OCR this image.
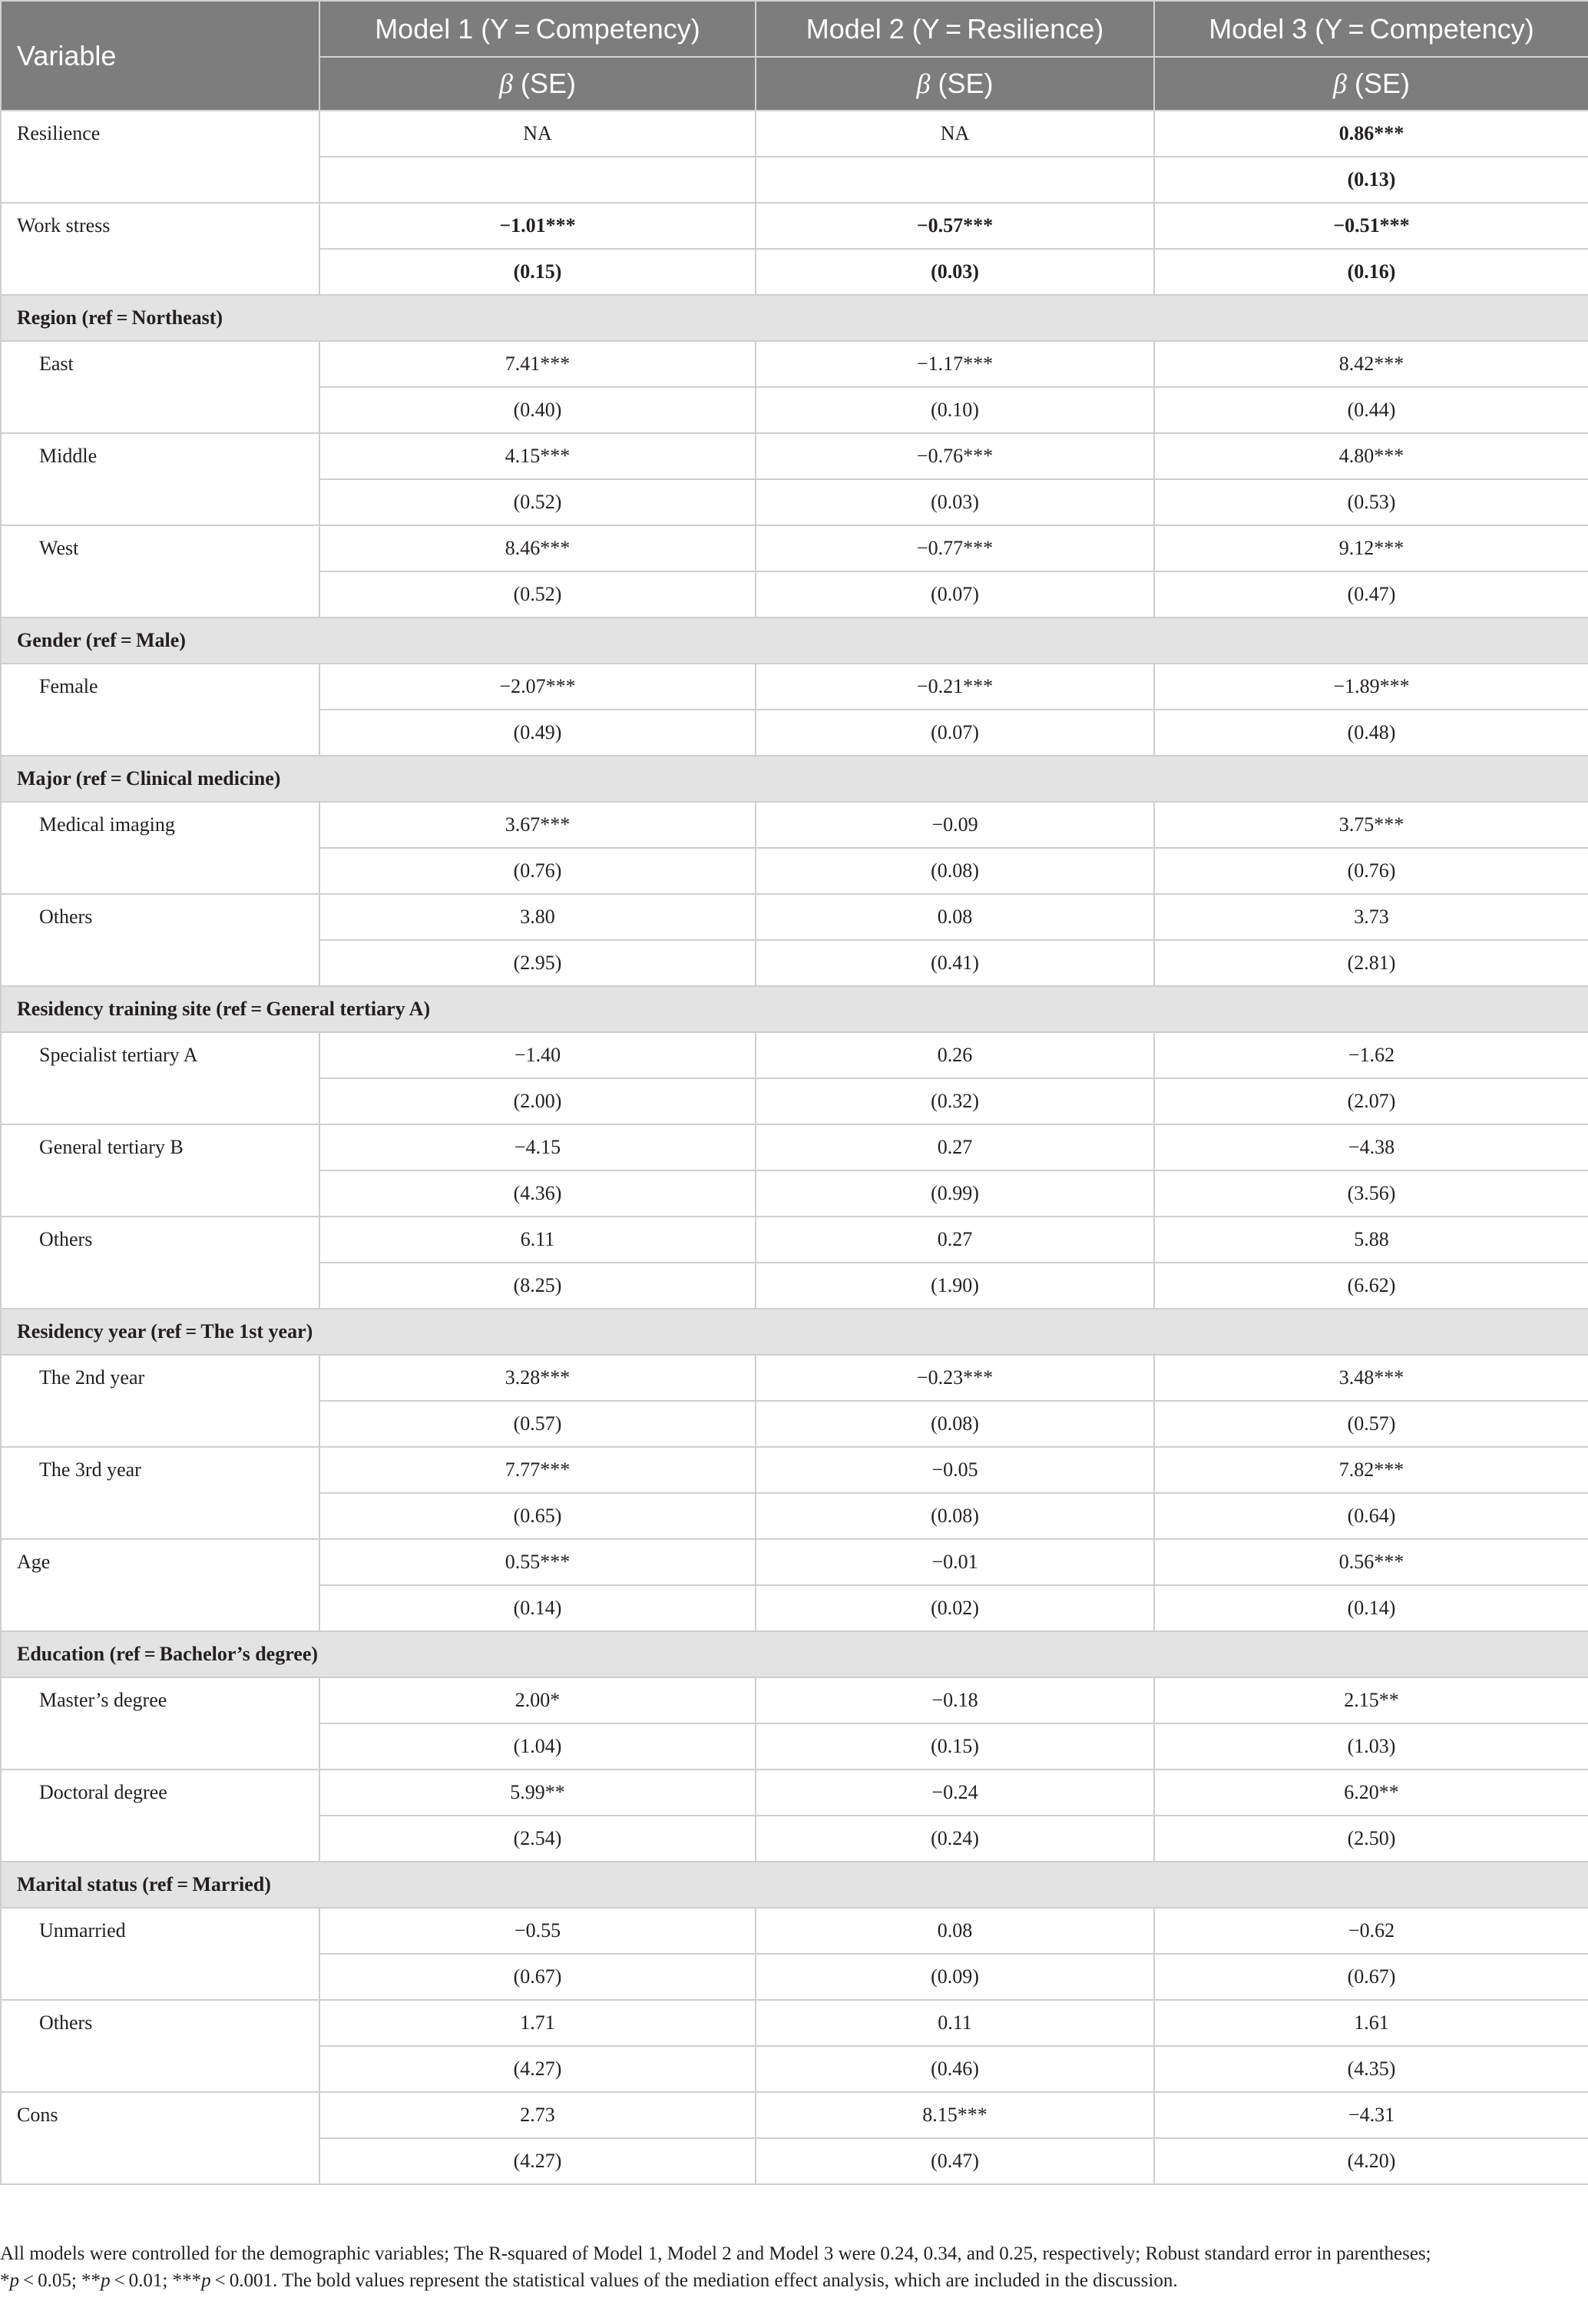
Variable	Model 1 (Y = Competency)	Model 2 (Y = Resilience)	Model 3 (Y = Competency)
	β (SE)	β (SE)	β (SE)
Resilience	NA	NA	0.86***
			(0.13)
Work stress	−1.01***	−0.57***	−0.51***
	(0.15)	(0.03)	(0.16)
Region (ref = Northeast)			
East	7.41***	−1.17***	8.42***
	(0.40)	(0.10)	(0.44)
Middle	4.15***	−0.76***	4.80***
	(0.52)	(0.03)	(0.53)
West	8.46***	−0.77***	9.12***
	(0.52)	(0.07)	(0.47)
Gender (ref = Male)			
Female	−2.07***	−0.21***	−1.89***
	(0.49)	(0.07)	(0.48)
Major (ref = Clinical medicine)			
Medical imaging	3.67***	−0.09	3.75***
	(0.76)	(0.08)	(0.76)
Others	3.80	0.08	3.73
	(2.95)	(0.41)	(2.81)
Residency training site (ref = General tertiary A)			
Specialist tertiary A	−1.40	0.26	−1.62
	(2.00)	(0.32)	(2.07)
General tertiary B	−4.15	0.27	−4.38
	(4.36)	(0.99)	(3.56)
Others	6.11	0.27	5.88
	(8.25)	(1.90)	(6.62)
Residency year (ref = The 1st year)			
The 2nd year	3.28***	−0.23***	3.48***
	(0.57)	(0.08)	(0.57)
The 3rd year	7.77***	−0.05	7.82***
	(0.65)	(0.08)	(0.64)
Age	0.55***	−0.01	0.56***
	(0.14)	(0.02)	(0.14)
Education (ref = Bachelor’s degree)			
Master’s degree	2.00*	−0.18	2.15**
	(1.04)	(0.15)	(1.03)
Doctoral degree	5.99**	−0.24	6.20**
	(2.54)	(0.24)	(2.50)
Marital status (ref = Married)			
Unmarried	−0.55	0.08	−0.62
	(0.67)	(0.09)	(0.67)
Others	1.71	0.11	1.61
	(4.27)	(0.46)	(4.35)
Cons	2.73	8.15***	−4.31
	(4.27)	(0.47)	(4.20)
All models were controlled for the demographic variables; The R-squared of Model 1, Model 2 and Model 3 were 0.24, 0.34, and 0.25, respectively; Robust standard error in parentheses;
*p < 0.05; **p < 0.01; ***p < 0.001. The bold values represent the statistical values of the mediation effect analysis, which are included in the discussion.
